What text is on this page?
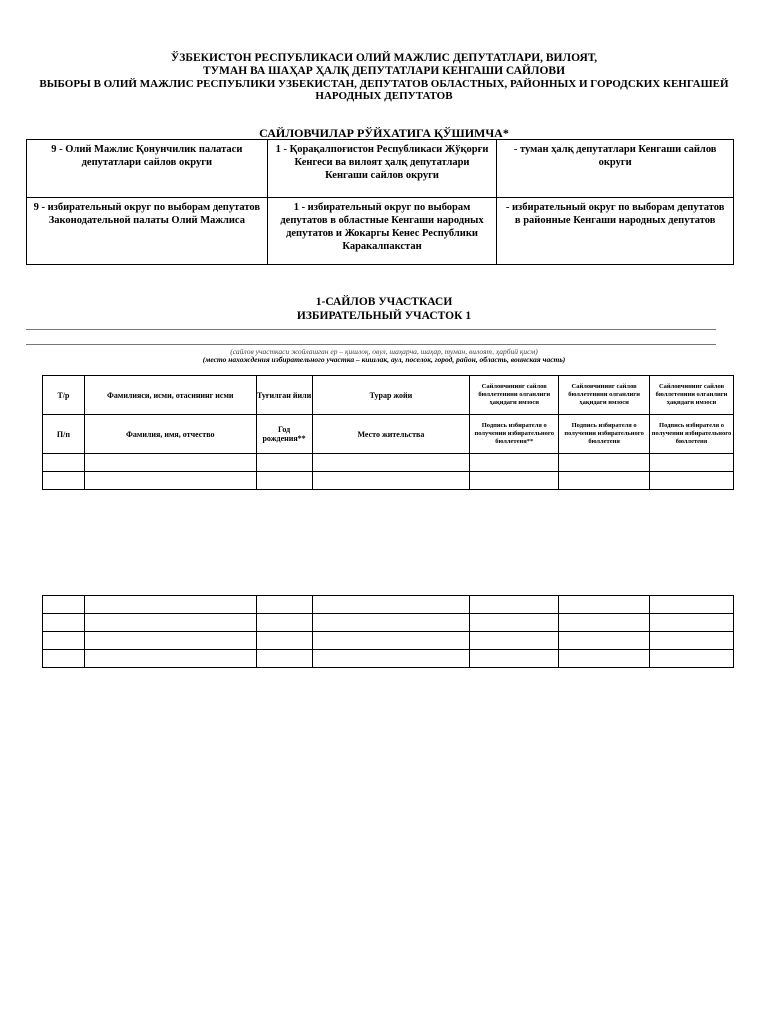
ЎЗБЕКИСТОН РЕСПУБЛИКАСИ ОЛИЙ МАЖЛИС ДЕПУТАТЛАРИ, ВИЛОЯТ,
ТУМАН ВА ШАҲАР ҲАЛҚ ДЕПУТАТЛАРИ КЕНГАШИ САЙЛОВИ
ВЫБОРЫ В ОЛИЙ МАЖЛИС РЕСПУБЛИКИ УЗБЕКИСТАН, ДЕПУТАТОВ ОБЛАСТНЫХ, РАЙОННЫХ И ГОРОДСКИХ КЕНГАШЕЙ
НАРОДНЫХ ДЕПУТАТОВ
САЙЛОВЧИЛАР РЎЙХАТИГА ҚЎШИМЧА*
9 - Олий Мажлис Қонунчилик палатаси депутатлари сайлов округи	1 - Қорақалпоғистон Республикаси Жўқорғи Кенгеси ва вилоят ҳалқ депутатлари Кенгаши сайлов округи	- туман ҳалқ депутатлари Кенгаши сайлов округи
9 - избирательный округ по выборам депутатов Законодательной палаты Олий Мажлиса	1 - избирательный округ по выборам депутатов в областные Кенгаши народных депутатов и Жокаргы Кенес Республики Каракалпакстан	- избирательный округ по выборам депутатов в районные Кенгаши народных депутатов
1-САЙЛОВ УЧАСТКАСИ
ИЗБИРАТЕЛЬНЫЙ УЧАСТОК 1
(сайлов участкаси жойлашган ер – қишлоқ, овул, шаҳарча, шаҳар, туман, вилоят, ҳарбий қисм)
(место нахождения избирательного участка – кишлак, аул, поселок, город, район, область, воинская часть)
Т/р	Фамилияси, исми, отасининг исми	Туғилган йили	Турар жойи	Сайловчининг сайлов бюллетенини олганлиги ҳақидаги имзоси	Сайловчининг сайлов бюллетенини олганлиги ҳақидаги имзоси	Сайловчининг сайлов бюллетенини олганлиги ҳақидаги имзоси
П/п	Фамилия, имя, отчество	Год рождения**	Место жительства	Подпись избирателя о получении избирательного бюллетеня**	Подпись избирателя о получении избирательного бюллетеня	Подпись избирателя о получении избирательного бюллетеня
